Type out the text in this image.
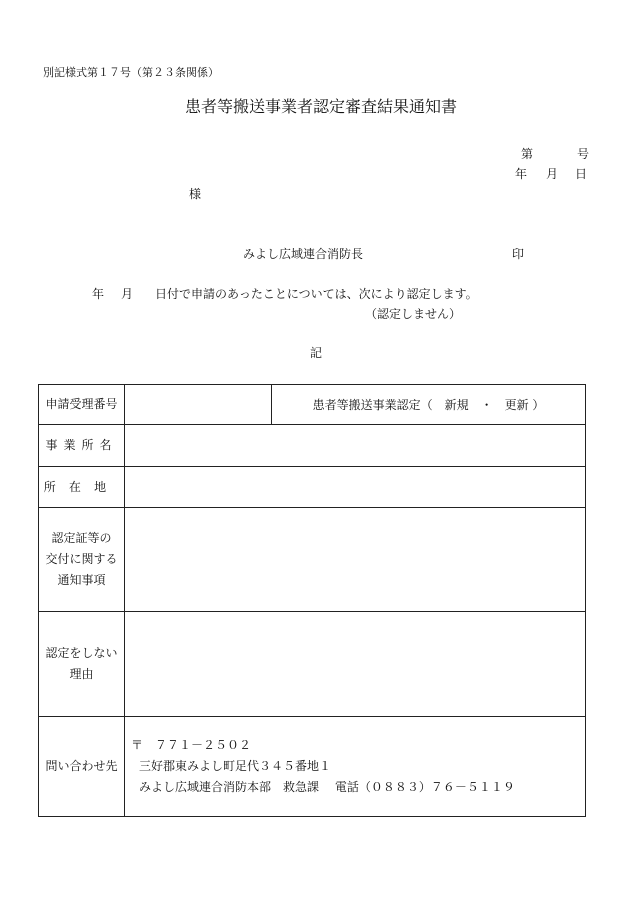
別記様式第１７号（第２３条関係）
患者等搬送事業者認定審査結果通知書
第	号
年 月 日
様
みよし広域連合消防長	印
年 月 日付で申請のあったことについては、次により認定します。
（認定しません）
記
申請受理番号		患者等搬送事業認定（　新規　・　更新 ）
事業所名		
所在地		

認定証等の
交付に関する
通知事項		

認定をしない
理由		

問い合わせ先	〒　７７１－２５０２
三好郡東みよし町足代３４５番地１
みよし広域連合消防本部　救急課　 電話（０８８３）７６－５１１９	
